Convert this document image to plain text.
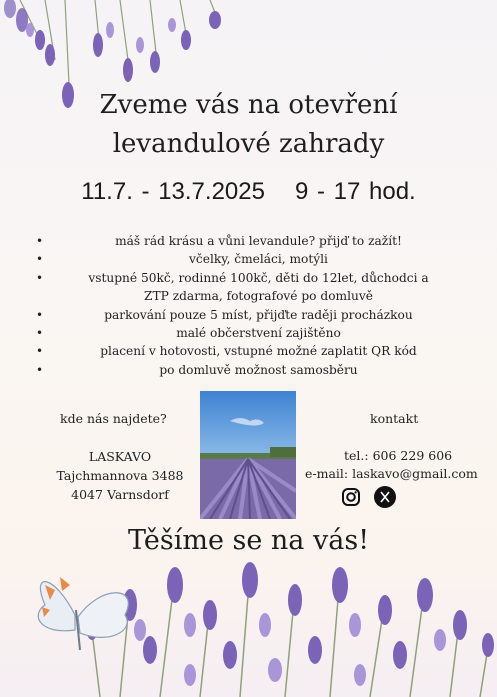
Zveme vás na otevření
levandulové zahrady
11.7. - 13.7.2025 9 - 17 hod.
•	máš rád krásu a vůni levandule? přijď to zažít!
•	včelky, čmeláci, motýli
•	vstupné 50kč, rodinné 100kč, děti do 12let, důchodci a ZTP zdarma, fotografové po domluvě
•	parkování pouze 5 míst, přijďte raději procházkou
•	malé občerstvení zajištěno
•	placení v hotovosti, vstupné možné zaplatit QR kód
•	po domluvě možnost samosběru
kde nás najdete?	kontakt
LASKAVO
Tajchmannova 3488
4047 Varnsdorf
tel.: 606 229 606
e-mail: laskavo@gmail.com
Těšíme se na vás!
